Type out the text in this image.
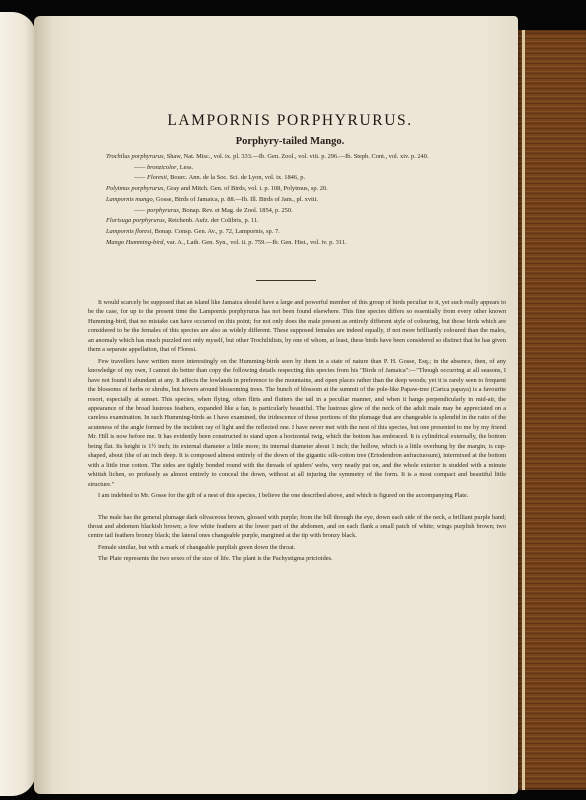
LAMPORNIS PORPHYRURUS.
Porphyry-tailed Mango.
Trochilus porphyrurus, Shaw, Nat. Misc., vol. ix. pl. 333.—Ib. Gen. Zool., vol. viii. p. 296.—Ib. Steph. Cont., vol. xiv. p. 240.
—— bronzicolor, Less.
—— Floresii, Bourc. Ann. de la Soc. Sci. de Lyon, vol. ix. 1846, p.
Polytmus porphyrurus, Gray and Mitch. Gen. of Birds, vol. i. p. 108, Polytmus, sp. 20.
Lampornis mango, Gosse, Birds of Jamaica, p. 88.—Ib. Ill. Birds of Jam., pl. xviii.
—— porphyrurus, Bonap. Rev. et Mag. de Zool. 1854, p. 250.
Florisuga porphyrurus, Reichenb. Aufz. der Colibris, p. 11.
Lampornis floresi, Bonap. Consp. Gen. Av., p. 72, Lampornis, sp. 7.
Mango Humming-bird, var. A., Lath. Gen. Syn., vol. ii. p. 759.—Ib. Gen. Hist., vol. iv. p. 311.

It would scarcely be supposed that an island like Jamaica should have a large and powerful member of this group of birds peculiar to it, yet such really appears to be the case, for up to the present time the Lampornis porphyrurus has not been found elsewhere. This fine species differs so essentially from every other known Humming-bird, that no mistake can have occurred on this point; for not only does the male present as entirely different style of colouring, but those birds which are considered to be the females of this species are also as widely different. These supposed females are indeed equally, if not more brilliantly coloured than the males, an anomaly which has much puzzled not only myself, but other Trochilidists, by one of whom, at least, these birds have been considered so distinct that he has given them a separate appellation, that of Floresi.

Few travellers have written more interestingly on the Humming-birds seen by them in a state of nature than P. H. Gosse, Esq.; in the absence, then, of any knowledge of my own, I cannot do better than copy the following details respecting this species from his "Birds of Jamaica":—"Though occurring at all seasons, I have not found it abundant at any. It affects the lowlands in preference to the mountains, and open places rather than the deep woods; yet it is rarely seen to frequent the blossoms of herbs or shrubs, but hovers around blossoming trees. The bunch of blossom at the summit of the pole-like Papaw-tree (Carica papaya) is a favourite resort, especially at sunset. This species, when flying, often flirts and flutters the tail in a peculiar manner, and when it hangs perpendicularly in mid-air, the appearance of the broad lustrous feathers, expanded like a fan, is particularly beautiful. The lustrous glow of the neck of the adult male may be appreciated on a careless examination. In such Humming-birds as I have examined, the iridescence of those portions of the plumage that are changeable is splendid in the ratio of the acuteness of the angle formed by the incident ray of light and the reflected one. I have never met with the nest of this species, but one presented to me by my friend Mr. Hill is now before me. It has evidently been constructed to stand upon a horizontal twig, which the bottom has embraced. It is cylindrical externally, the bottom being flat. Its height is 1½ inch; its external diameter a little more; its internal diameter about 1 inch; the hollow, which is a little overhung by the margin, is cup-shaped, about (the of an inch deep. It is composed almost entirely of the down of the gigantic silk-cotton tree (Eriodendron anfractuosum), intermixed at the bottom with a little true cotton. The sides are tightly bonded round with the threads of spiders' webs, very neatly put on, and the whole exterior is studded with a minute whitish lichen, so profusely as almost entirely to conceal the down, without at all injuring the symmetry of the form. It is a most compact and beautiful little structure."

I am indebted to Mr. Gosse for the gift of a nest of this species, I believe the one described above, and which is figured on the accompanying Plate.

The male has the general plumage dark olivaceous brown, glossed with purple; from the bill through the eye, down each side of the neck, a brilliant purple band; throat and abdomen blackish brown; a few white feathers at the lower part of the abdomen, and on each flank a small patch of white; wings purplish brown; two centre tail feathers bronzy black; the lateral ones changeable purple, margined at the tip with bronzy black.

Female similar, but with a mark of changeable purplish green down the throat.

The Plate represents the two sexes of the size of life. The plant is the Pachystigma pricioides.
